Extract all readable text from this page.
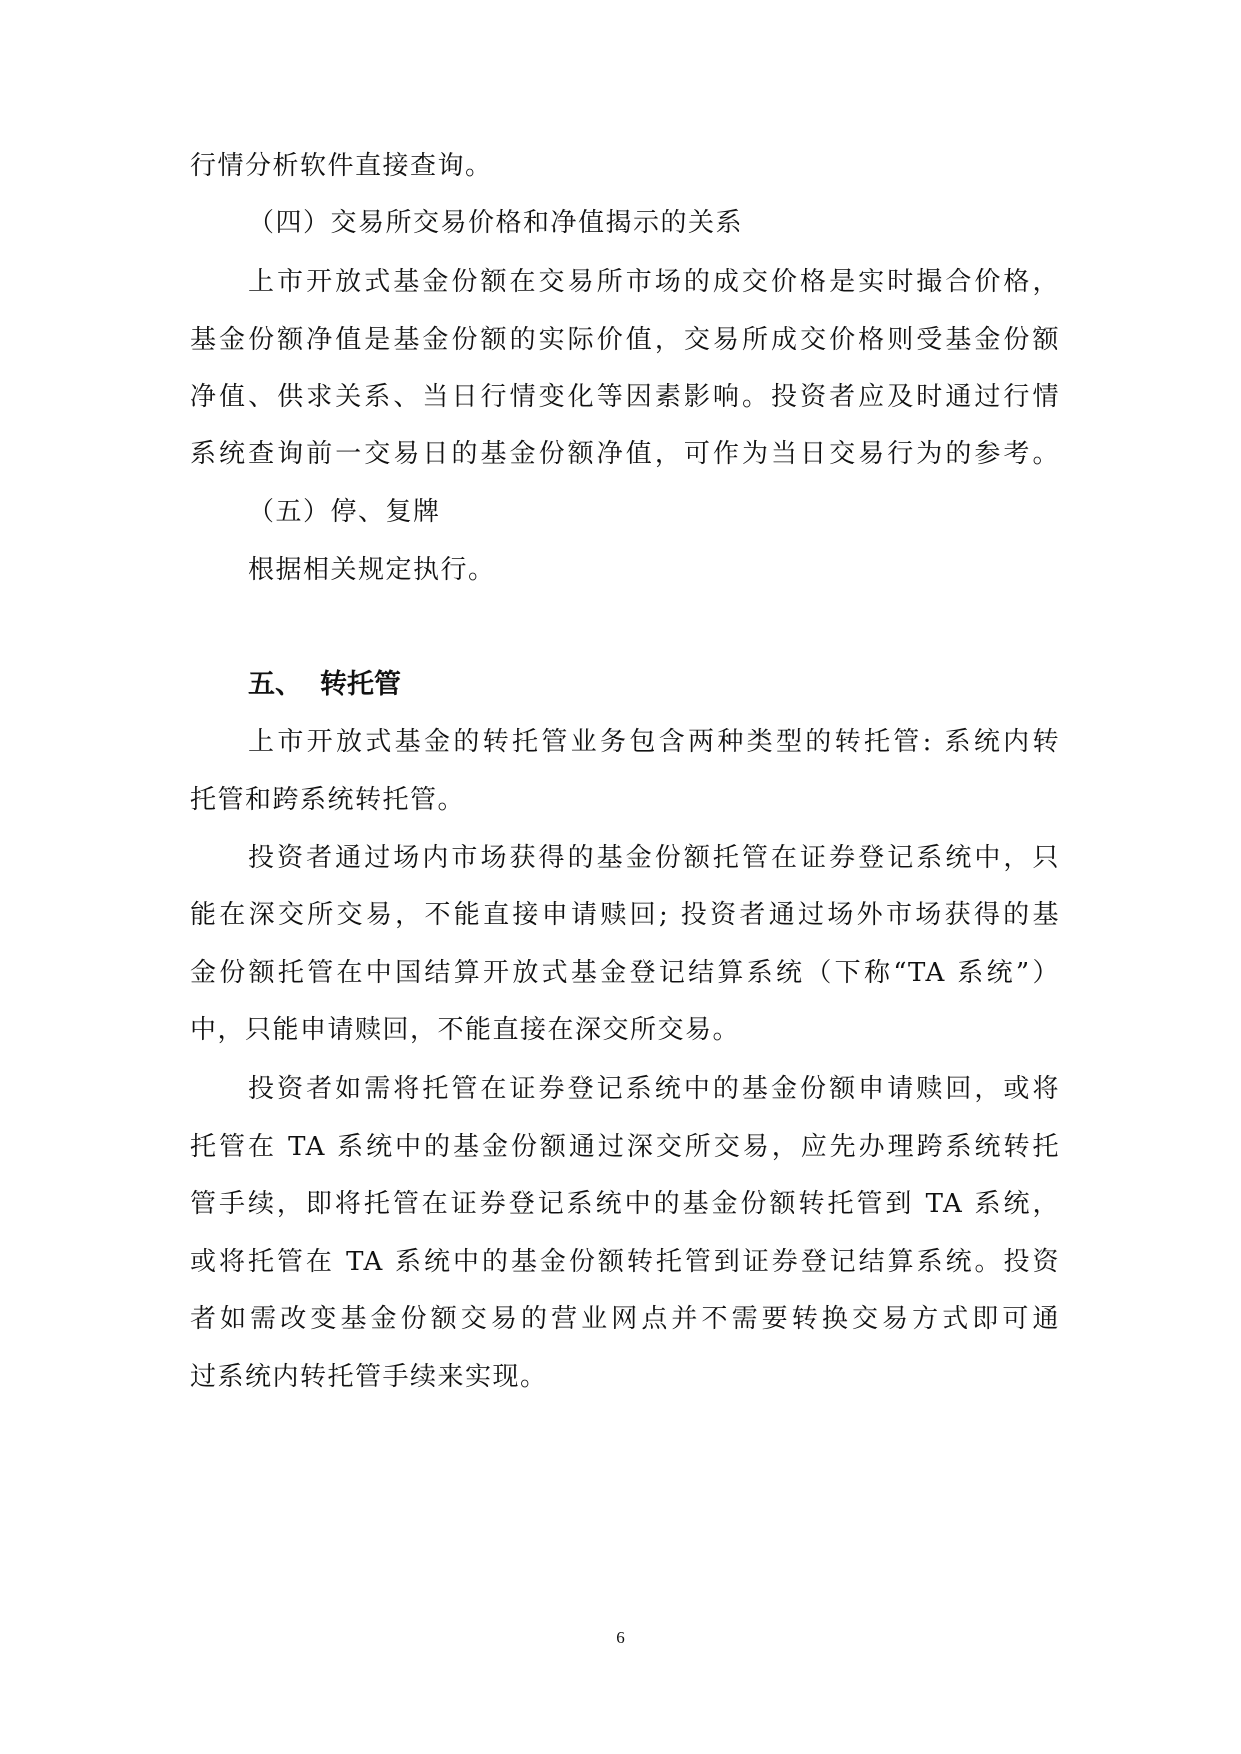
行情分析软件直接查询。
（四）交易所交易价格和净值揭示的关系
上市开放式基金份额在交易所市场的成交价格是实时撮合价格，
基金份额净值是基金份额的实际价值，交易所成交价格则受基金份额
净值、供求关系、当日行情变化等因素影响。投资者应及时通过行情
系统查询前一交易日的基金份额净值，可作为当日交易行为的参考。
（五）停、复牌
根据相关规定执行。
五、 转托管
上市开放式基金的转托管业务包含两种类型的转托管: 系统内转
托管和跨系统转托管。
投资者通过场内市场获得的基金份额托管在证券登记系统中，只
能在深交所交易，不能直接申请赎回; 投资者通过场外市场获得的基
金份额托管在中国结算开放式基金登记结算系统（下称“TA 系统”）
中，只能申请赎回，不能直接在深交所交易。
投资者如需将托管在证券登记系统中的基金份额申请赎回，或将
托管在 TA 系统中的基金份额通过深交所交易，应先办理跨系统转托
管手续，即将托管在证券登记系统中的基金份额转托管到 TA 系统，
或将托管在 TA 系统中的基金份额转托管到证券登记结算系统。投资
者如需改变基金份额交易的营业网点并不需要转换交易方式即可通
过系统内转托管手续来实现。
6
